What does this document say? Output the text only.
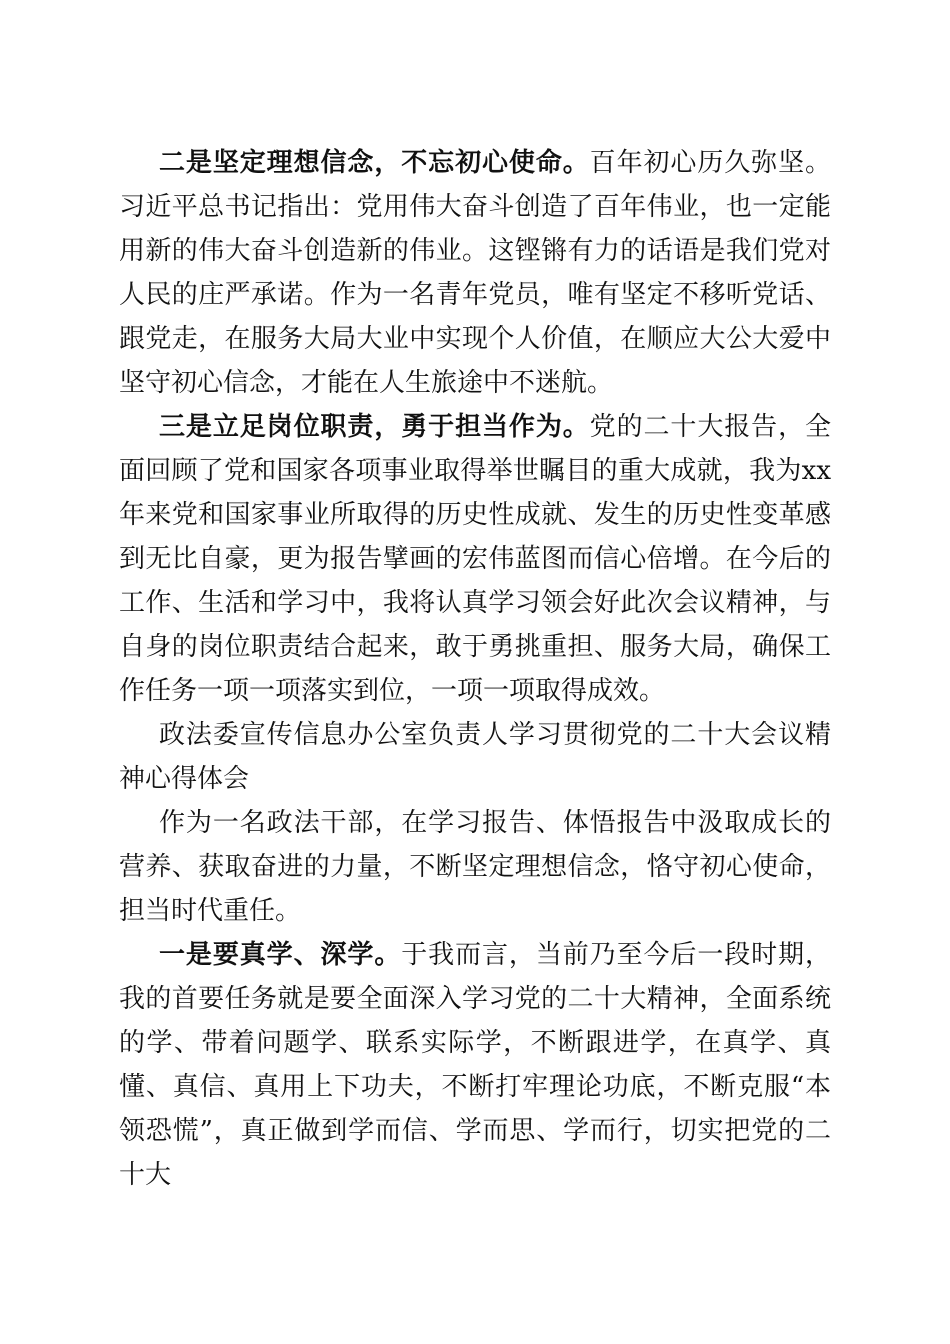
二是坚定理想信念，不忘初心使命。百年初心历久弥坚。习近平总书记指出：党用伟大奋斗创造了百年伟业，也一定能用新的伟大奋斗创造新的伟业。这铿锵有力的话语是我们党对人民的庄严承诺。作为一名青年党员，唯有坚定不移听党话、跟党走，在服务大局大业中实现个人价值，在顺应大公大爱中坚守初心信念，才能在人生旅途中不迷航。

三是立足岗位职责，勇于担当作为。党的二十大报告，全面回顾了党和国家各项事业取得举世瞩目的重大成就，我为xx年来党和国家事业所取得的历史性成就、发生的历史性变革感到无比自豪，更为报告擘画的宏伟蓝图而信心倍增。在今后的工作、生活和学习中，我将认真学习领会好此次会议精神，与自身的岗位职责结合起来，敢于勇挑重担、服务大局，确保工作任务一项一项落实到位，一项一项取得成效。

政法委宣传信息办公室负责人学习贯彻党的二十大会议精神心得体会

作为一名政法干部，在学习报告、体悟报告中汲取成长的营养、获取奋进的力量，不断坚定理想信念，恪守初心使命，担当时代重任。

一是要真学、深学。于我而言，当前乃至今后一段时期，我的首要任务就是要全面深入学习党的二十大精神，全面系统的学、带着问题学、联系实际学，不断跟进学，在真学、真懂、真信、真用上下功夫，不断打牢理论功底，不断克服“本领恐慌”，真正做到学而信、学而思、学而行，切实把党的二十大
